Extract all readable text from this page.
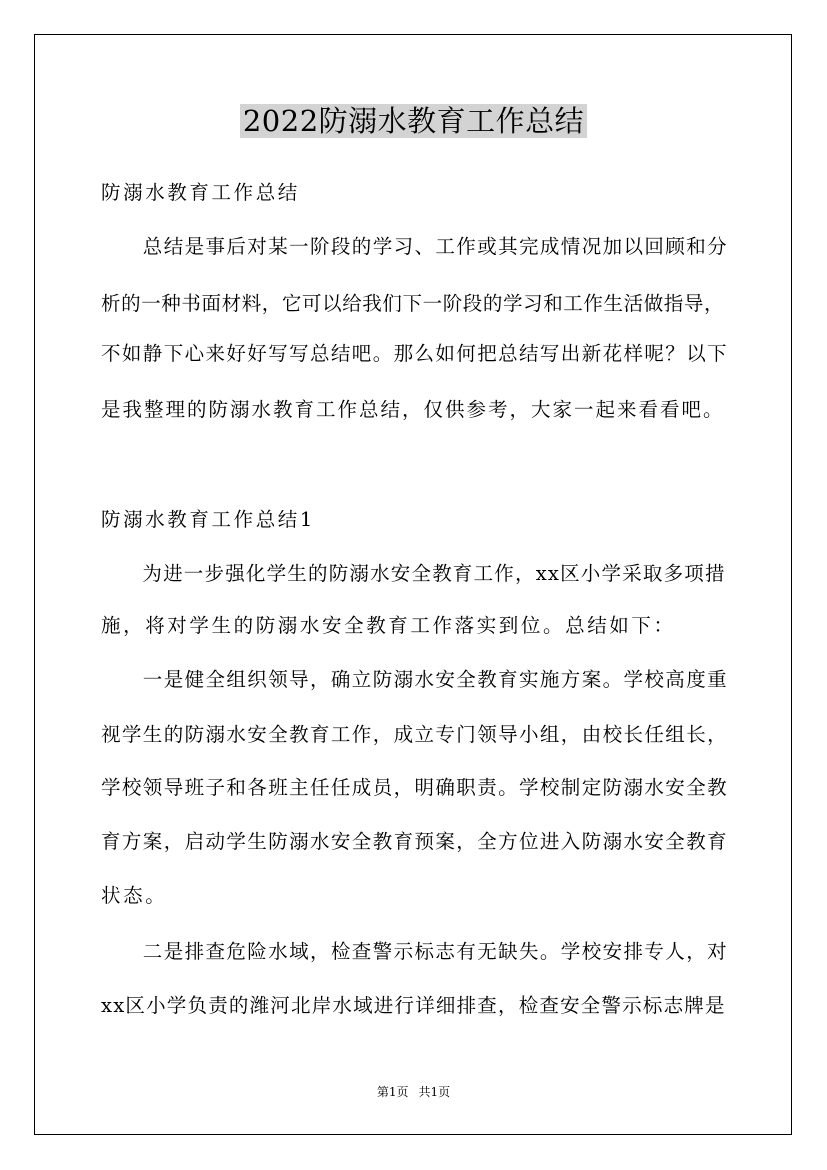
2022防溺水教育工作总结
防溺水教育工作总结
　　总结是事后对某一阶段的学习、工作或其完成情况加以回顾和分
析的一种书面材料，它可以给我们下一阶段的学习和工作生活做指导，
不如静下心来好好写写总结吧。那么如何把总结写出新花样呢？以下
是我整理的防溺水教育工作总结，仅供参考，大家一起来看看吧。
防溺水教育工作总结1
　　为进一步强化学生的防溺水安全教育工作，xx区小学采取多项措
施，将对学生的防溺水安全教育工作落实到位。总结如下：
　　一是健全组织领导，确立防溺水安全教育实施方案。学校高度重
视学生的防溺水安全教育工作，成立专门领导小组，由校长任组长，
学校领导班子和各班主任任成员，明确职责。学校制定防溺水安全教
育方案，启动学生防溺水安全教育预案，全方位进入防溺水安全教育
状态。
　　二是排查危险水域，检查警示标志有无缺失。学校安排专人，对
xx区小学负责的潍河北岸水域进行详细排查，检查安全警示标志牌是
第1页 共1页
